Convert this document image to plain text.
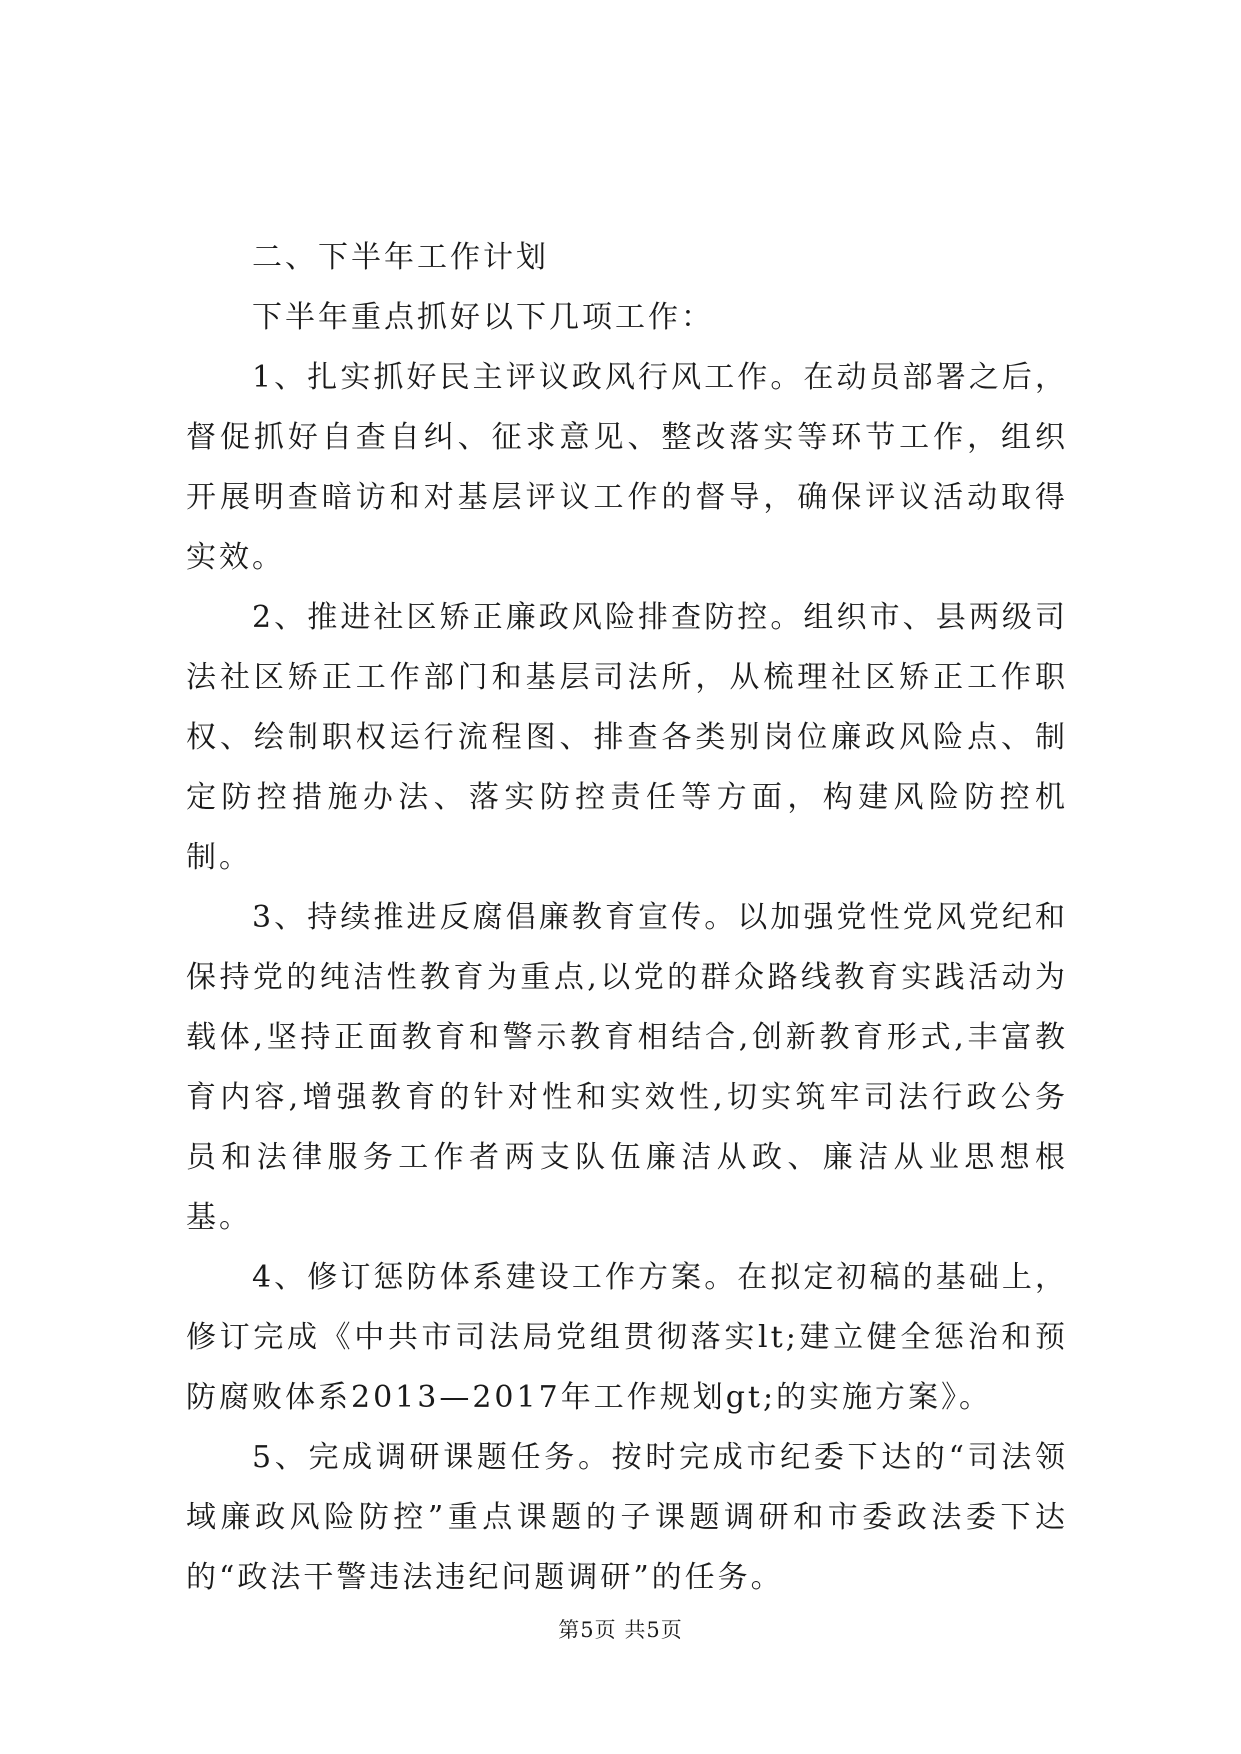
二、下半年工作计划

下半年重点抓好以下几项工作：

1、扎实抓好民主评议政风行风工作。在动员部署之后，督促抓好自查自纠、征求意见、整改落实等环节工作，组织开展明查暗访和对基层评议工作的督导，确保评议活动取得实效。

2、推进社区矫正廉政风险排查防控。组织市、县两级司法社区矫正工作部门和基层司法所，从梳理社区矫正工作职权、绘制职权运行流程图、排查各类别岗位廉政风险点、制定防控措施办法、落实防控责任等方面，构建风险防控机制。

3、持续推进反腐倡廉教育宣传。以加强党性党风党纪和保持党的纯洁性教育为重点,以党的群众路线教育实践活动为载体,坚持正面教育和警示教育相结合,创新教育形式,丰富教育内容,增强教育的针对性和实效性,切实筑牢司法行政公务员和法律服务工作者两支队伍廉洁从政、廉洁从业思想根基。

4、修订惩防体系建设工作方案。在拟定初稿的基础上，修订完成《中共市司法局党组贯彻落实lt;建立健全惩治和预防腐败体系2013—2017年工作规划gt;的实施方案》。

5、完成调研课题任务。按时完成市纪委下达的“司法领域廉政风险防控”重点课题的子课题调研和市委政法委下达的“政法干警违法违纪问题调研”的任务。

第5页 共5页
